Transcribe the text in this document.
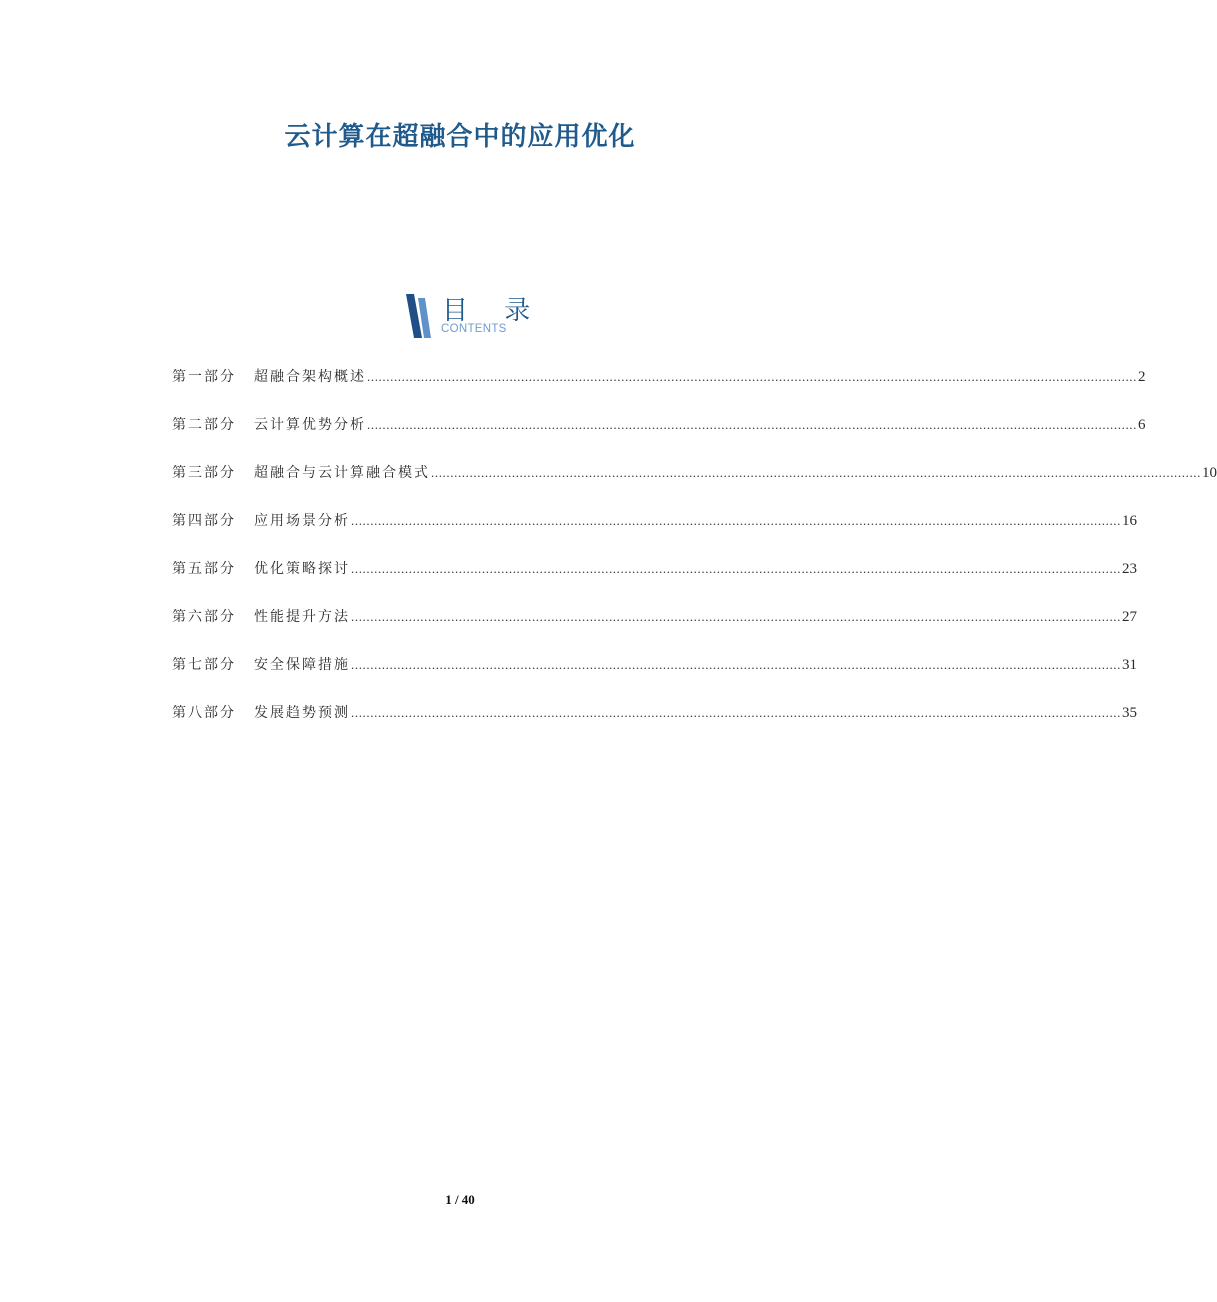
云计算在超融合中的应用优化
目 录
CONTENTS
第一部分	超融合架构概述 ........................................................................................................................................................................................................ 2
第二部分	云计算优势分析 ........................................................................................................................................................................................................ 6
第三部分	超融合与云计算融合模式 ........................................................................................................................................................................................................ 10
第四部分	应用场景分析 ........................................................................................................................................................................................................ 16
第五部分	优化策略探讨 ........................................................................................................................................................................................................ 23
第六部分	性能提升方法 ........................................................................................................................................................................................................ 27
第七部分	安全保障措施 ........................................................................................................................................................................................................ 31
第八部分	发展趋势预测 ........................................................................................................................................................................................................ 35
1 / 40
